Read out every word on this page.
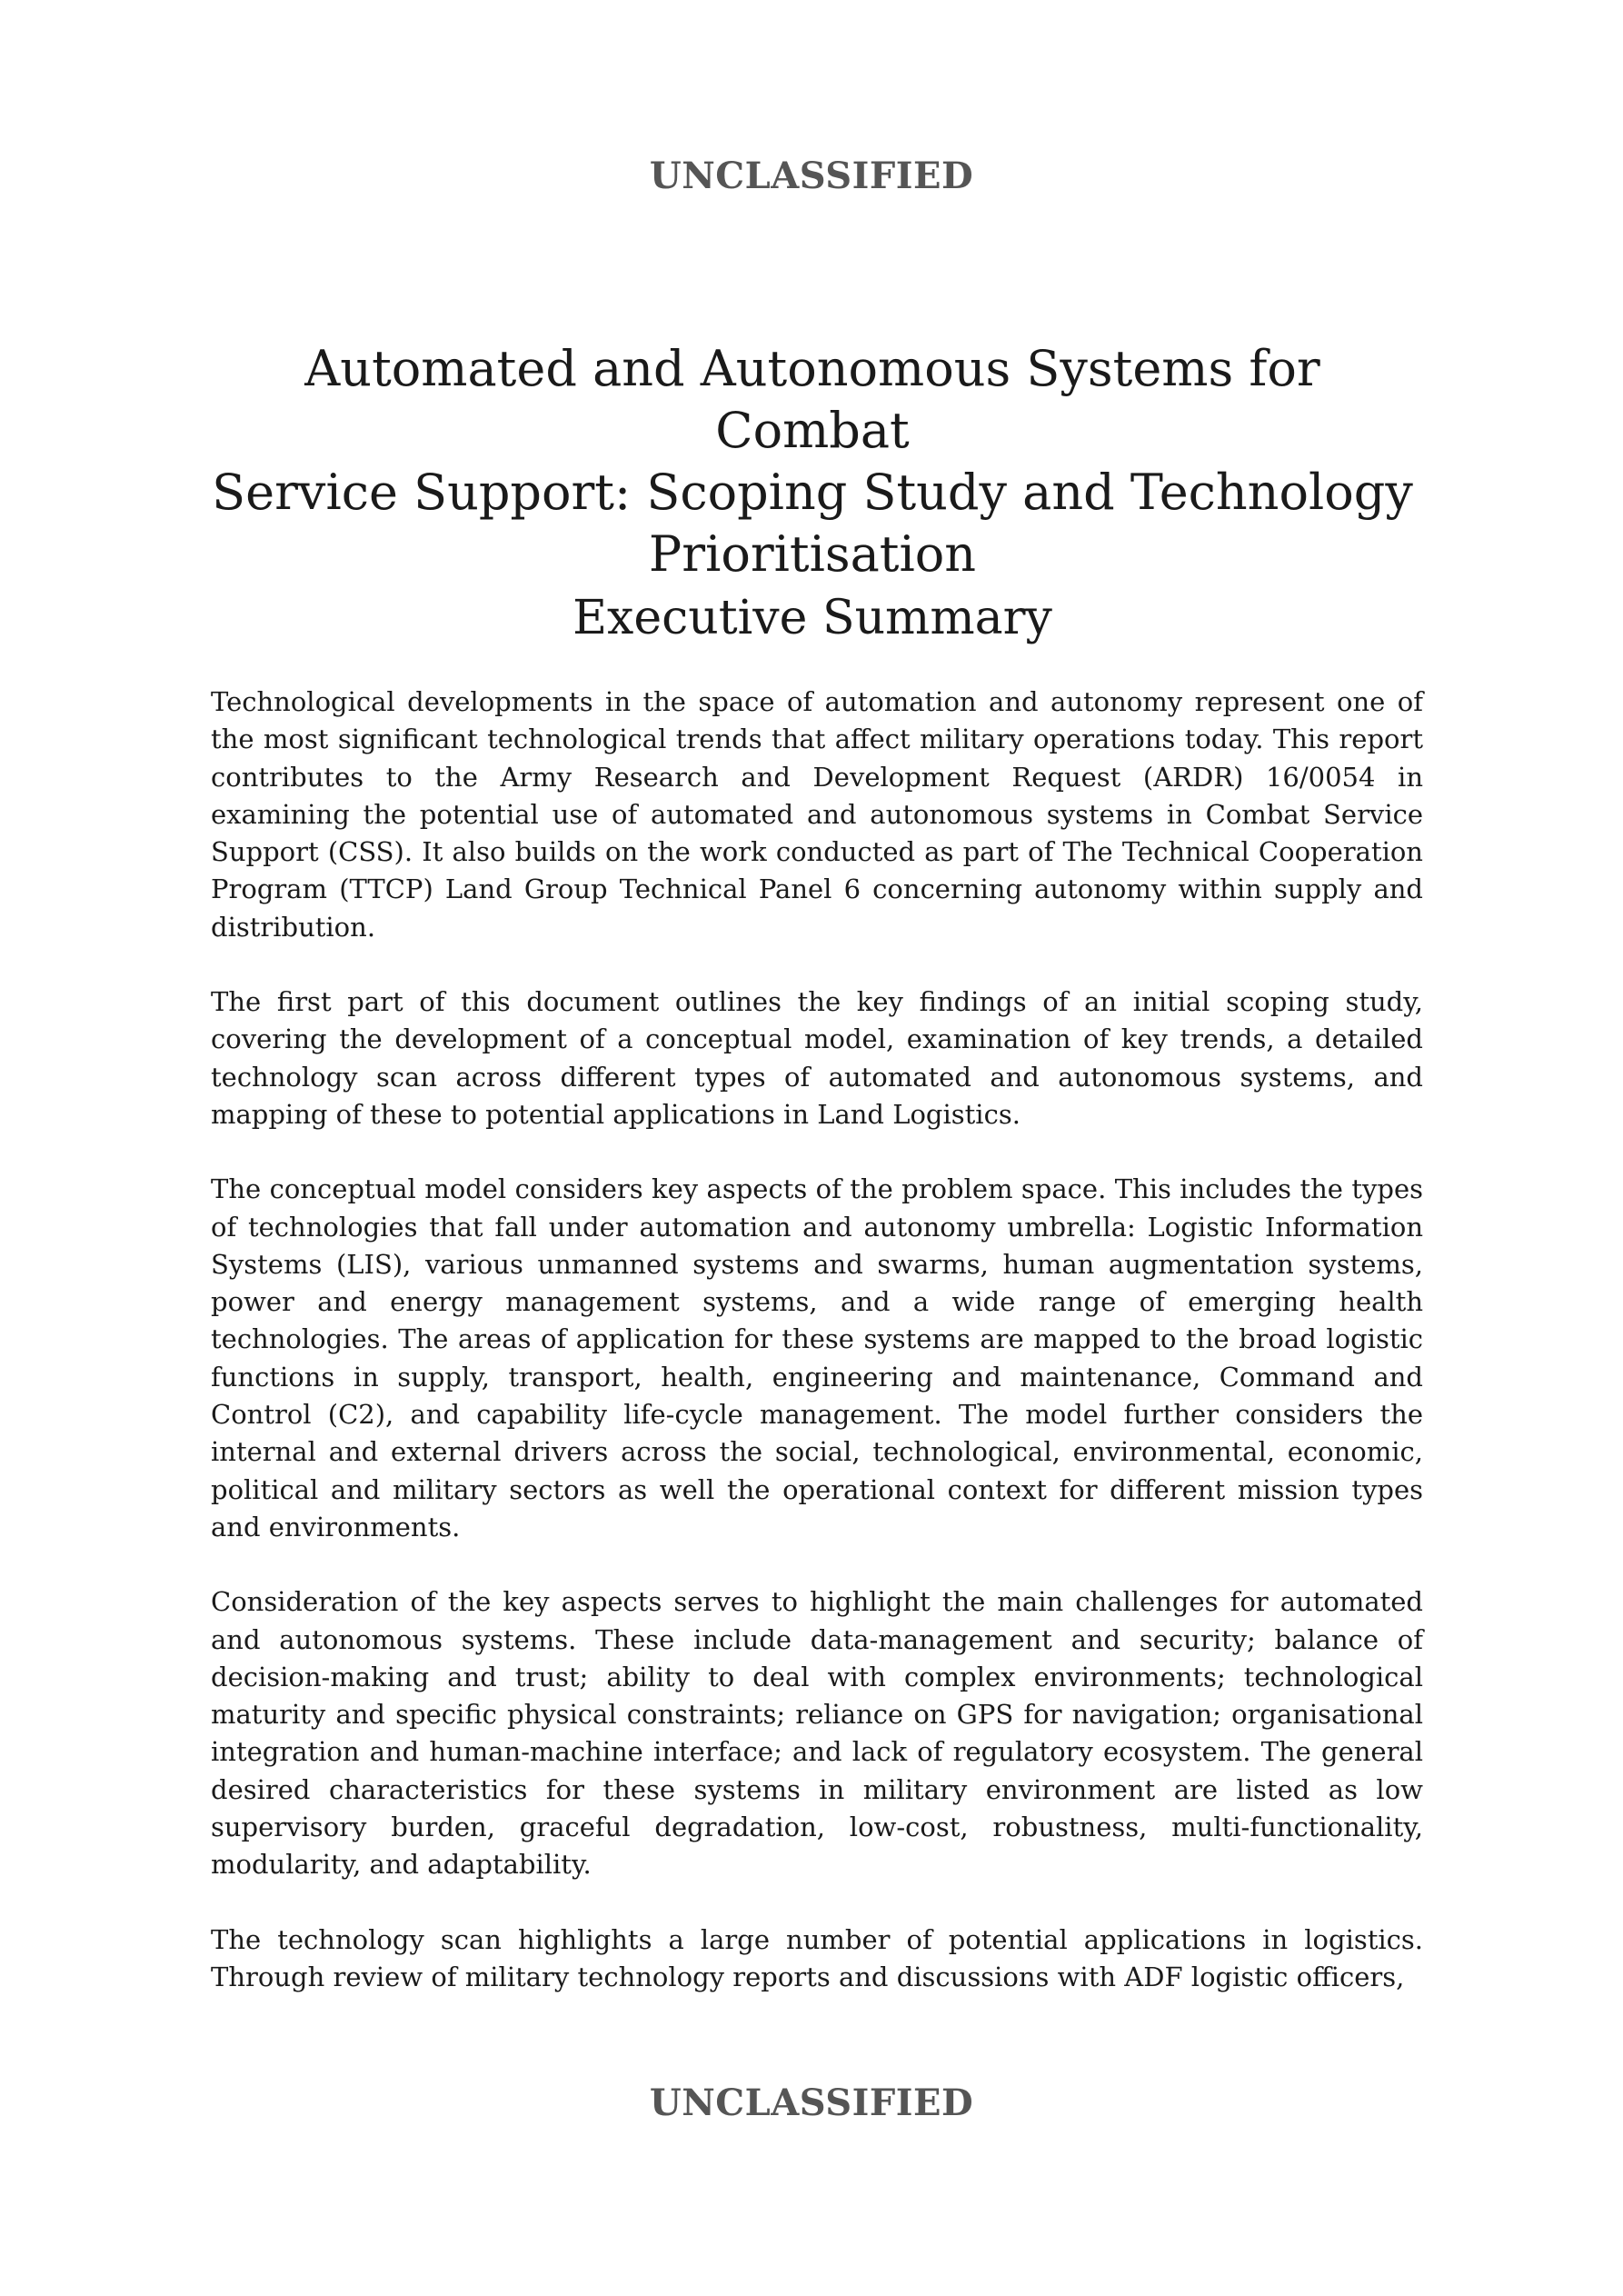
UNCLASSIFIED
Automated and Autonomous Systems for Combat
Service Support: Scoping Study and Technology
Prioritisation
Executive Summary

Technological developments in the space of automation and autonomy represent one of the most significant technological trends that affect military operations today. This report contributes to the Army Research and Development Request (ARDR) 16/0054 in examining the potential use of automated and autonomous systems in Combat Service Support (CSS). It also builds on the work conducted as part of The Technical Cooperation Program (TTCP) Land Group Technical Panel 6 concerning autonomy within supply and distribution.

The first part of this document outlines the key findings of an initial scoping study, covering the development of a conceptual model, examination of key trends, a detailed technology scan across different types of automated and autonomous systems, and mapping of these to potential applications in Land Logistics.

The conceptual model considers key aspects of the problem space. This includes the types of technologies that fall under automation and autonomy umbrella: Logistic Information Systems (LIS), various unmanned systems and swarms, human augmentation systems, power and energy management systems, and a wide range of emerging health technologies. The areas of application for these systems are mapped to the broad logistic functions in supply, transport, health, engineering and maintenance, Command and Control (C2), and capability life-cycle management. The model further considers the internal and external drivers across the social, technological, environmental, economic, political and military sectors as well the operational context for different mission types and environments.

Consideration of the key aspects serves to highlight the main challenges for automated and autonomous systems. These include data-management and security; balance of decision-making and trust; ability to deal with complex environments; technological maturity and specific physical constraints; reliance on GPS for navigation; organisational integration and human-machine interface; and lack of regulatory ecosystem. The general desired characteristics for these systems in military environment are listed as low supervisory burden, graceful degradation, low-cost, robustness, multi-functionality, modularity, and adaptability.

The technology scan highlights a large number of potential applications in logistics. Through review of military technology reports and discussions with ADF logistic officers,

UNCLASSIFIED
